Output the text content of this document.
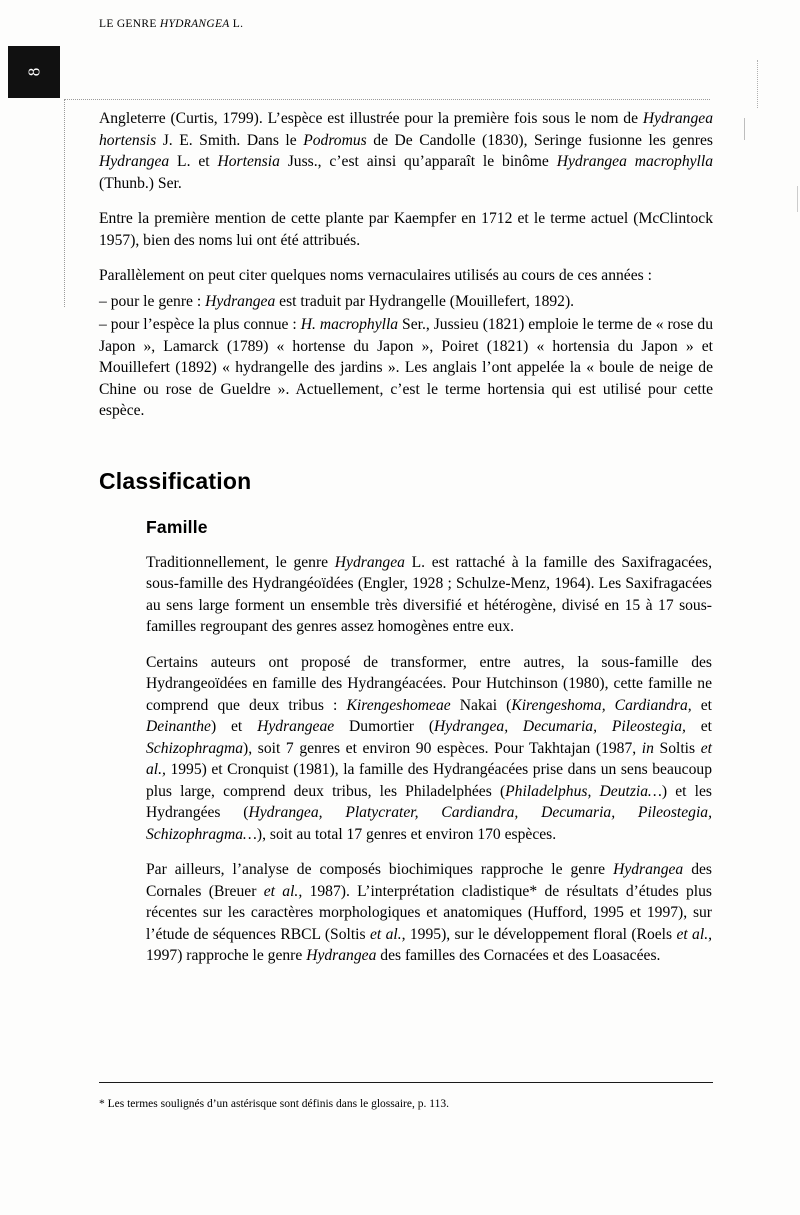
LE GENRE HYDRANGEA L.
8

Angleterre (Curtis, 1799). L’espèce est illustrée pour la première fois sous le nom de Hydrangea hortensis J. E. Smith. Dans le Podromus de De Candolle (1830), Seringe fusionne les genres Hydrangea L. et Hortensia Juss., c’est ainsi qu’apparaît le binôme Hydrangea macrophylla (Thunb.) Ser.

Entre la première mention de cette plante par Kaempfer en 1712 et le terme actuel (McClintock 1957), bien des noms lui ont été attribués.

Parallèlement on peut citer quelques noms vernaculaires utilisés au cours de ces années :

– pour le genre : Hydrangea est traduit par Hydrangelle (Mouillefert, 1892).

– pour l’espèce la plus connue : H. macrophylla Ser., Jussieu (1821) emploie le terme de « rose du Japon », Lamarck (1789) « hortense du Japon », Poiret (1821) « hortensia du Japon » et Mouillefert (1892) « hydrangelle des jardins ». Les anglais l’ont appelée la « boule de neige de Chine ou rose de Gueldre ». Actuellement, c’est le terme hortensia qui est utilisé pour cette espèce.

Classification
Famille

Traditionnellement, le genre Hydrangea L. est rattaché à la famille des Saxifragacées, sous-famille des Hydrangéoïdées (Engler, 1928 ; Schulze-Menz, 1964). Les Saxifragacées au sens large forment un ensemble très diversifié et hétérogène, divisé en 15 à 17 sous-familles regroupant des genres assez homogènes entre eux.

Certains auteurs ont proposé de transformer, entre autres, la sous-famille des Hydrangeoïdées en famille des Hydrangéacées. Pour Hutchinson (1980), cette famille ne comprend que deux tribus : Kirengeshomeae Nakai (Kirengeshoma, Cardiandra, et Deinanthe) et Hydrangeae Dumortier (Hydrangea, Decumaria, Pileostegia, et Schizophragma), soit 7 genres et environ 90 espèces. Pour Takhtajan (1987, in Soltis et al., 1995) et Cronquist (1981), la famille des Hydrangéacées prise dans un sens beaucoup plus large, comprend deux tribus, les Philadelphées (Philadelphus, Deutzia…) et les Hydrangées (Hydrangea, Platycrater, Cardiandra, Decumaria, Pileostegia, Schizophragma…), soit au total 17 genres et environ 170 espèces.

Par ailleurs, l’analyse de composés biochimiques rapproche le genre Hydrangea des Cornales (Breuer et al., 1987). L’interprétation cladistique* de résultats d’études plus récentes sur les caractères morphologiques et anatomiques (Hufford, 1995 et 1997), sur l’étude de séquences RBCL (Soltis et al., 1995), sur le développement floral (Roels et al., 1997) rapproche le genre Hydrangea des familles des Cornacées et des Loasacées.

* Les termes soulignés d’un astérisque sont définis dans le glossaire, p. 113.
